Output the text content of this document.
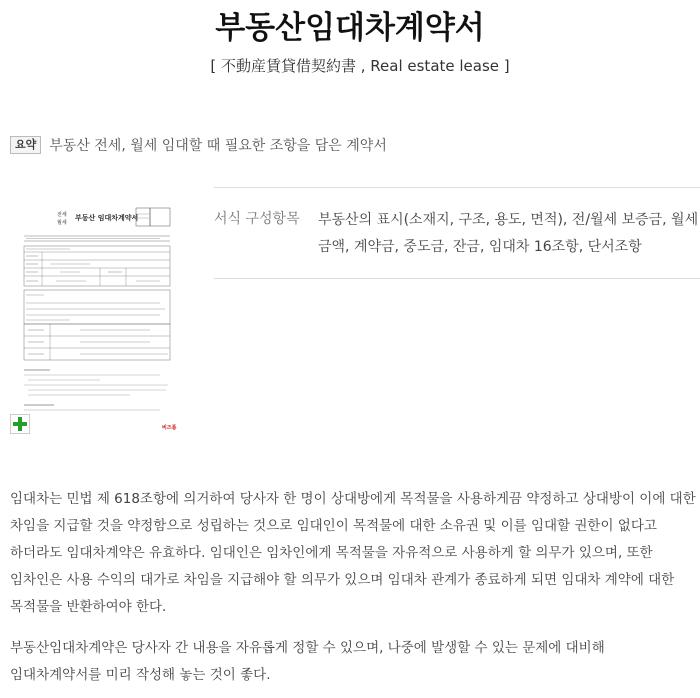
부동산임대차계약서
[ 不動産賃貸借契約書 , Real estate lease ]
요약 부동산 전세, 월세 임대할 때 필요한 조항을 담은 계약서
전세
월세
부동산 임대차계약서
비즈폼
서식 구성항목 부동산의 표시(소재지, 구조, 용도, 면적), 전/월세 보증금, 월세금액, 계약금, 중도금, 잔금, 임대차 16조항, 단서조항
임대차는 민법 제 618조항에 의거하여 당사자 한 명이 상대방에게 목적물을 사용하게끔 약정하고 상대방이 이에 대한 차임을 지급할 것을 약정함으로 성립하는 것으로 임대인이 목적물에 대한 소유권 및 이를 임대할 권한이 없다고 하더라도 임대차계약은 유효하다. 임대인은 임차인에게 목적물을 자유적으로 사용하게 할 의무가 있으며, 또한 임차인은 사용 수익의 대가로 차임을 지급해야 할 의무가 있으며 임대차 관계가 종료하게 되면 임대차 계약에 대한 목적물을 반환하여야 한다.
부동산임대차계약은 당사자 간 내용을 자유롭게 정할 수 있으며, 나중에 발생할 수 있는 문제에 대비해 임대차계약서를 미리 작성해 놓는 것이 좋다.
